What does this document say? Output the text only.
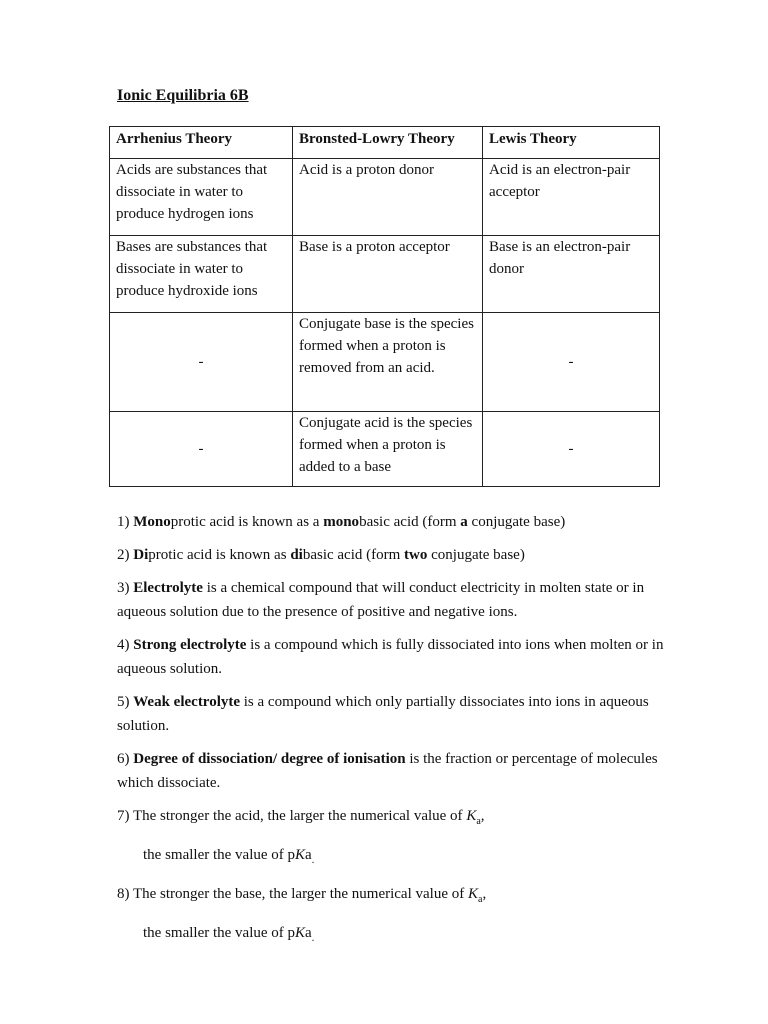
Ionic Equilibria 6B
Arrhenius Theory	Bronsted-Lowry Theory	Lewis Theory
Acids are substances that dissociate in water to produce hydrogen ions	Acid is a proton donor	Acid is an electron-pair acceptor
Bases are substances that dissociate in water to produce hydroxide ions	Base is a proton acceptor	Base is an electron-pair donor
-	Conjugate base is the species formed when a proton is removed from an acid.	-
-	Conjugate acid is the species formed when a proton is added to a base	-

1) Monoprotic acid is known as a monobasic acid (form a conjugate base)

2) Diprotic acid is known as dibasic acid (form two conjugate base)

3) Electrolyte is a chemical compound that will conduct electricity in molten state or in aqueous solution due to the presence of positive and negative ions.

4) Strong electrolyte is a compound which is fully dissociated into ions when molten or in aqueous solution.

5) Weak electrolyte is a compound which only partially dissociates into ions in aqueous solution.

6) Degree of dissociation/ degree of ionisation is the fraction or percentage of molecules which dissociate.

7) The stronger the acid, the larger the numerical value of $K_a$,

the smaller the value of pKa$_.$

8) The stronger the base, the larger the numerical value of $K_a$,

the smaller the value of pKa$_.$
